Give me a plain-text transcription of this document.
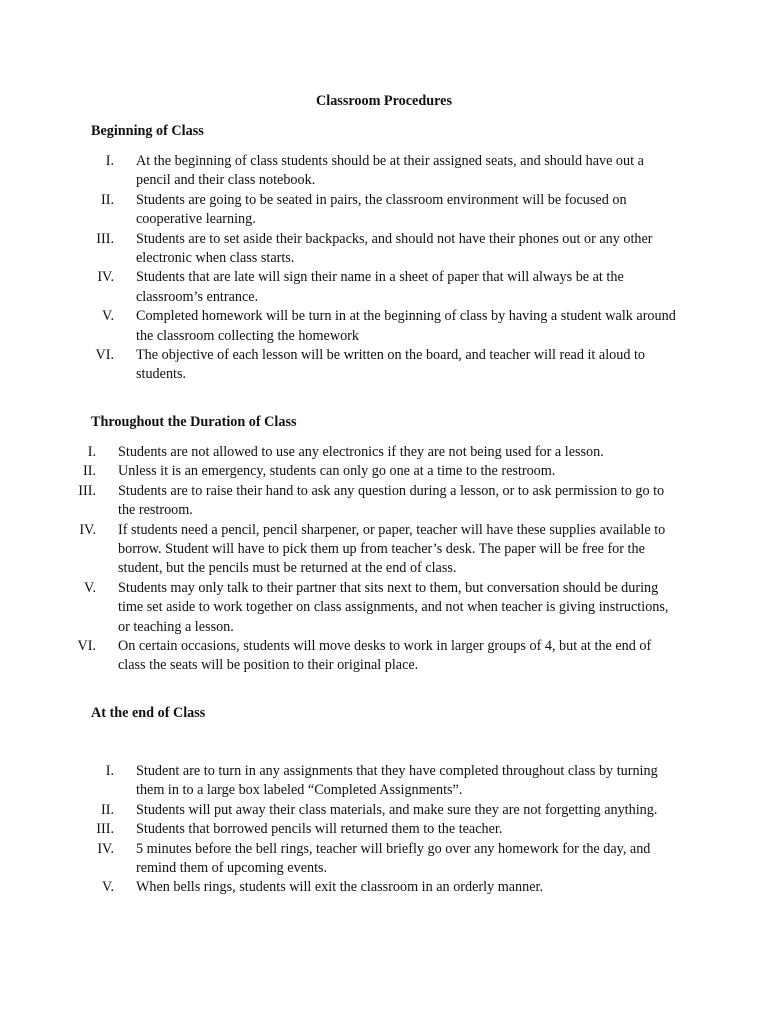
Classroom Procedures
Beginning of Class
I.	At the beginning of class students should be at their assigned seats, and should have out a pencil and their class notebook.
II.	Students are going to be seated in pairs, the classroom environment will be focused on cooperative learning.
III.	Students are to set aside their backpacks, and should not have their phones out or any other electronic when class starts.
IV.	Students that are late will sign their name in a sheet of paper that will always be at the classroom’s entrance.
V.	Completed homework will be turn in at the beginning of class by having a student walk around the classroom collecting the homework
VI.	The objective of each lesson will be written on the board, and teacher will read it aloud to students.
Throughout the Duration of Class
I.	Students are not allowed to use any electronics if they are not being used for a lesson.
II.	Unless it is an emergency, students can only go one at a time to the restroom.
III.	Students are to raise their hand to ask any question during a lesson, or to ask permission to go to the restroom.
IV.	If students need a pencil, pencil sharpener, or paper, teacher will have these supplies available to borrow. Student will have to pick them up from teacher’s desk. The paper will be free for the student, but the pencils must be returned at the end of class.
V.	Students may only talk to their partner that sits next to them, but conversation should be during time set aside to work together on class assignments, and not when teacher is giving instructions, or teaching a lesson.
VI.	On certain occasions, students will move desks to work in larger groups of 4, but at the end of class the seats will be position to their original place.
At the end of Class
I.	Student are to turn in any assignments that they have completed throughout class by turning them in to a large box labeled “Completed Assignments”.
II.	Students will put away their class materials, and make sure they are not forgetting anything.
III.	Students that borrowed pencils will returned them to the teacher.
IV.	5 minutes before the bell rings, teacher will briefly go over any homework for the day, and remind them of upcoming events.
V.	When bells rings, students will exit the classroom in an orderly manner.
